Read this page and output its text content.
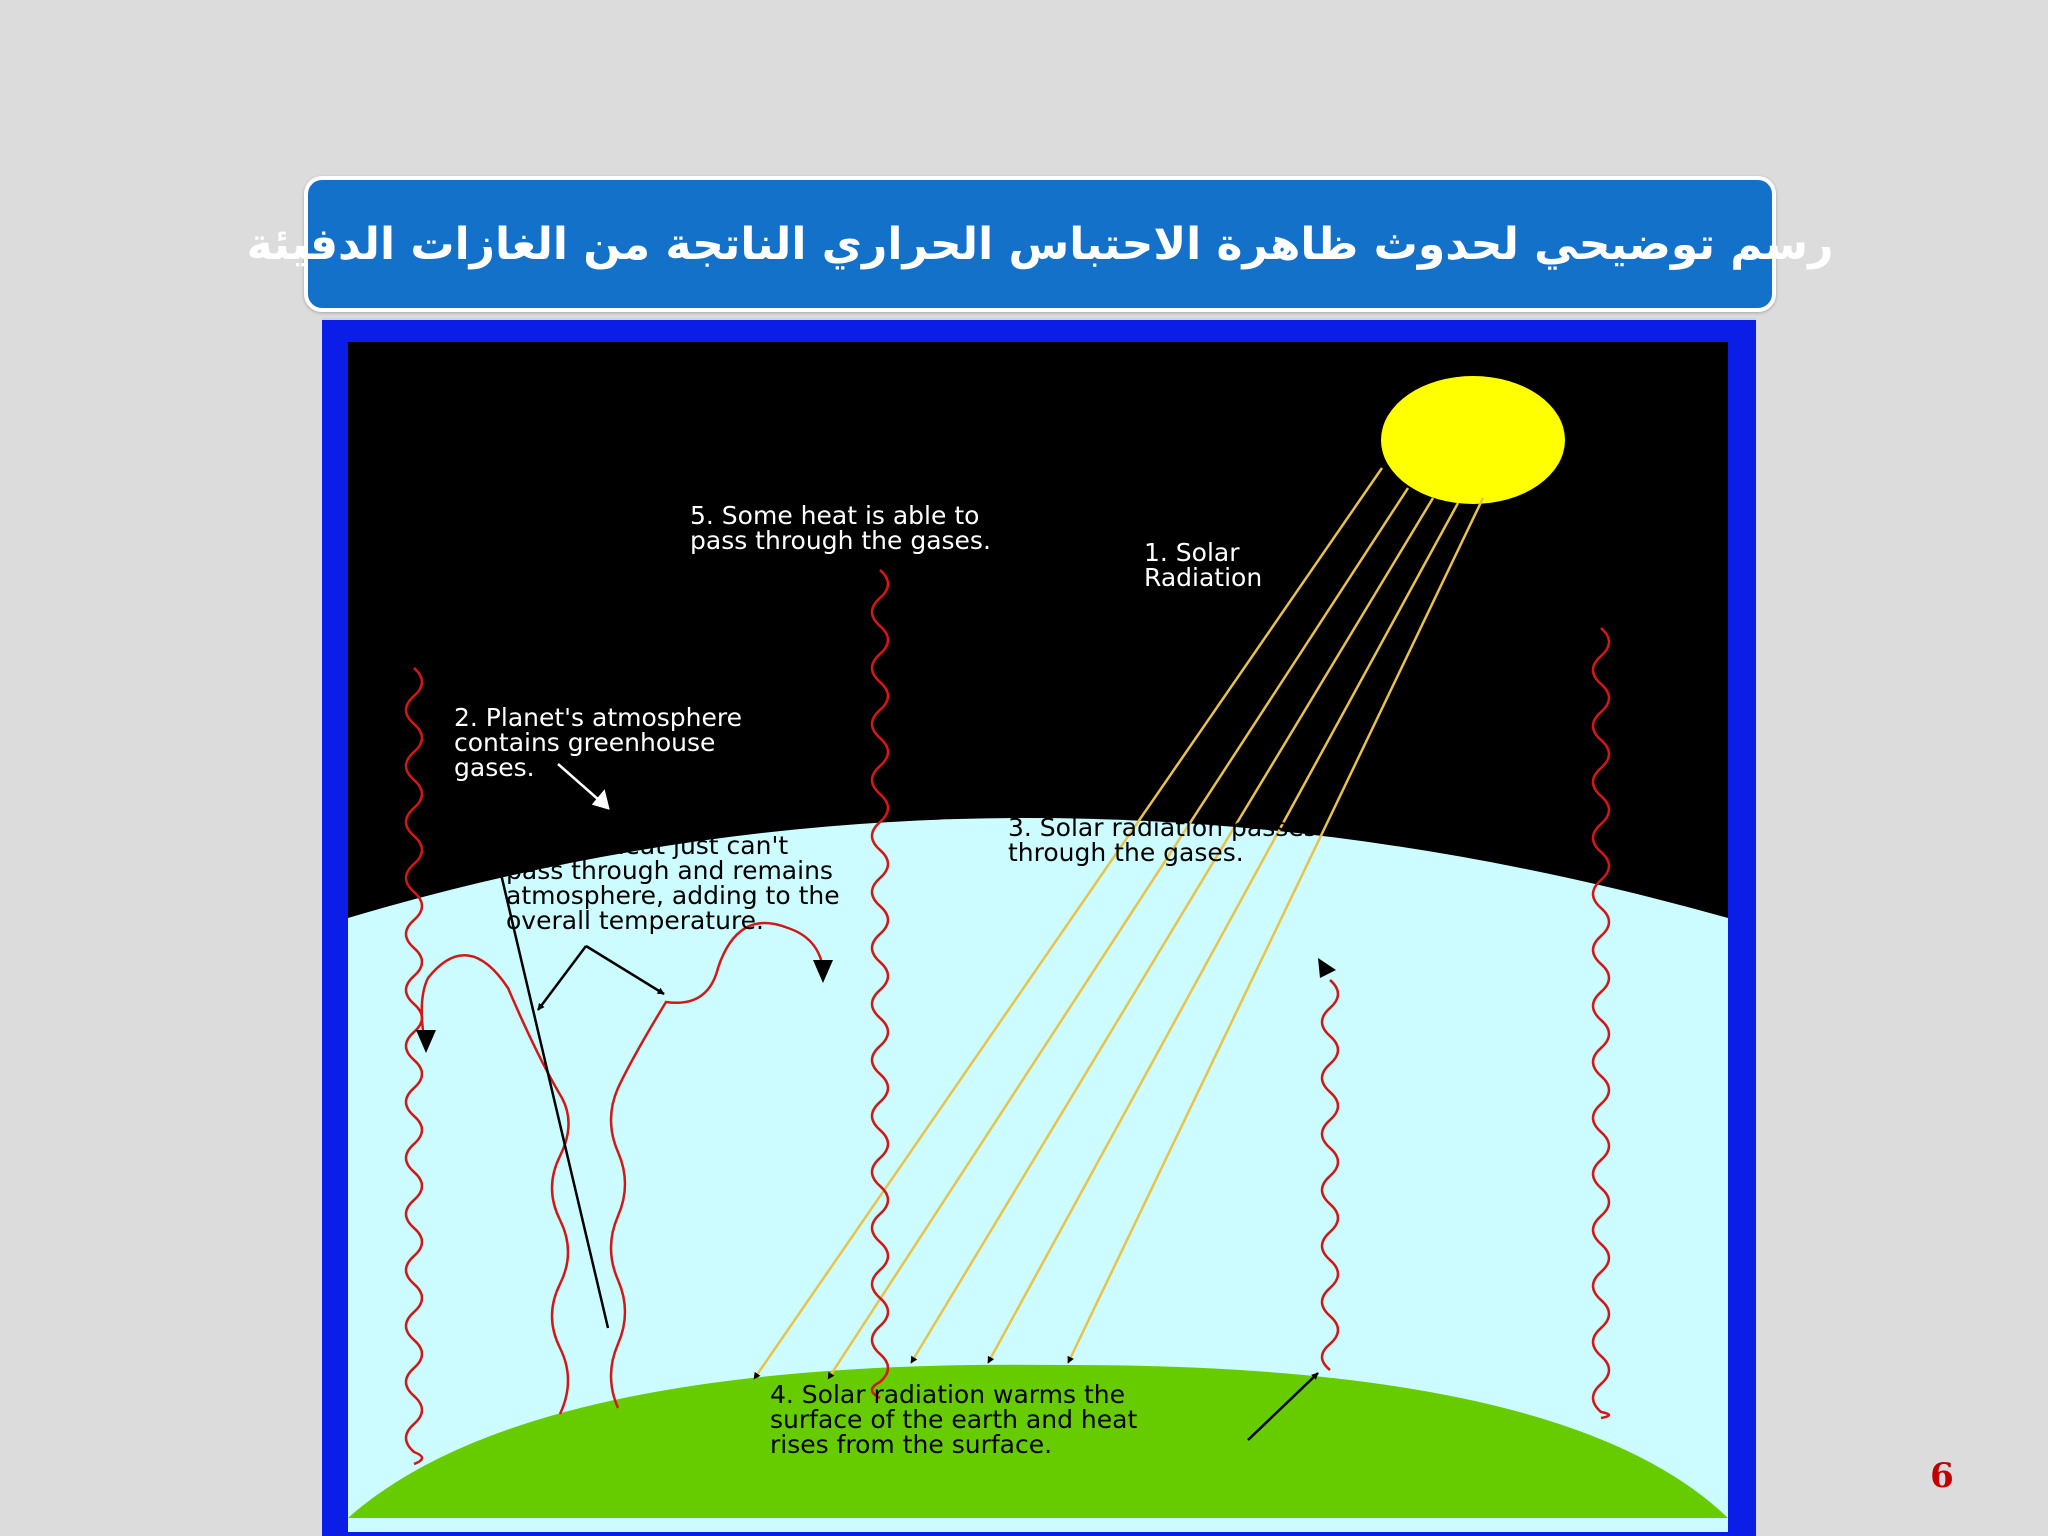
رسم توضيحي لحدوث ظاهرة الاحتباس الحراري الناتجة من الغازات الدفيئة
1. Solar Radiation
5. Some heat is able to pass through the gases.
2. Planet's atmosphere contains greenhouse gases.
6.Some heat just can't pass through and remains atmosphere, adding to the overall temperature.
3. Solar radiation passes through the gases.
4. Solar radiation warms the surface of the earth and heat rises from the surface.
6
